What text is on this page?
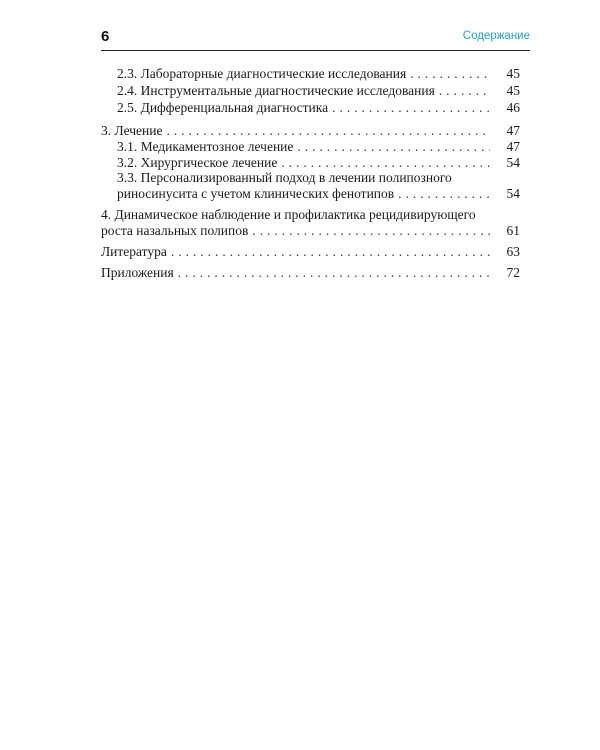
6	Содержание
2.3. Лабораторные диагностические исследования . . .	45
2.4. Инструментальные диагностические исследования . . .	45
2.5. Дифференциальная диагностика . . .	46
3. Лечение . . .	47
3.1. Медикаментозное лечение . . .	47
3.2. Хирургическое лечение . . .	54
3.3. Персонализированный подход в лечении полипозного
риносинусита с учетом клинических фенотипов . . .	54
4. Динамическое наблюдение и профилактика рецидивирующего
роста назальных полипов . . .	61
Литература . . .	63
Приложения . . .	72
